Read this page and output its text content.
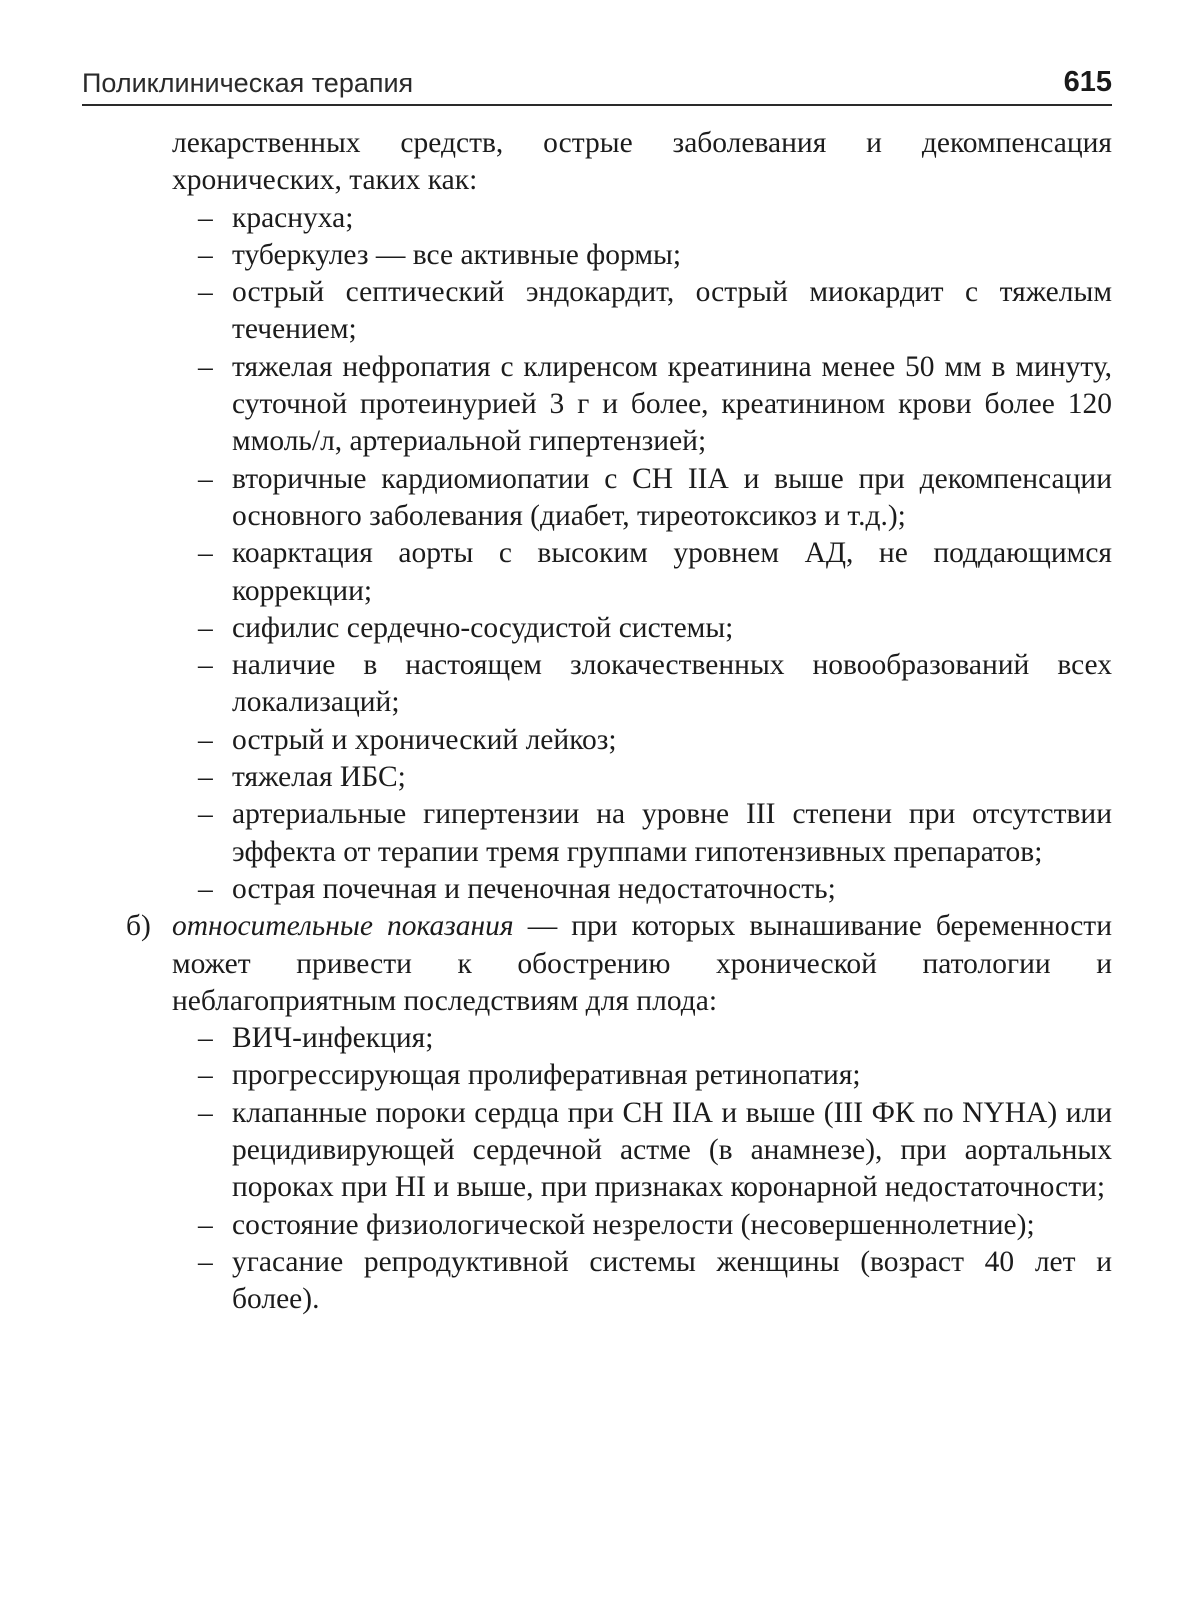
Поликлиническая терапия	615

лекарственных средств, острые заболевания и декомпенсация хронических, таких как:

– краснуха;
– туберкулез — все активные формы;
– острый септический эндокардит, острый миокардит с тяжелым течением;
– тяжелая нефропатия с клиренсом креатинина менее 50 мм в минуту, суточной протеинурией 3 г и более, креатинином крови более 120 ммоль/л, артериальной гипертензией;
– вторичные кардиомиопатии с СН IIА и выше при декомпенсации основного заболевания (диабет, тиреотоксикоз и т.д.);
– коарктация аорты с высоким уровнем АД, не поддающимся коррекции;
– сифилис сердечно-сосудистой системы;
– наличие в настоящем злокачественных новообразований всех локализаций;
– острый и хронический лейкоз;
– тяжелая ИБС;
– артериальные гипертензии на уровне III степени при отсутствии эффекта от терапии тремя группами гипотензивных препаратов;
– острая почечная и печеночная недостаточность;
б) относительные показания — при которых вынашивание беременности может привести к обострению хронической патологии и неблагоприятным последствиям для плода:
– ВИЧ-инфекция;
– прогрессирующая пролиферативная ретинопатия;
– клапанные пороки сердца при СН IIА и выше (III ФК по NYHA) или рецидивирующей сердечной астме (в анамнезе), при аортальных пороках при HI и выше, при признаках коронарной недостаточности;
– состояние физиологической незрелости (несовершеннолетние);
– угасание репродуктивной системы женщины (возраст 40 лет и более).
